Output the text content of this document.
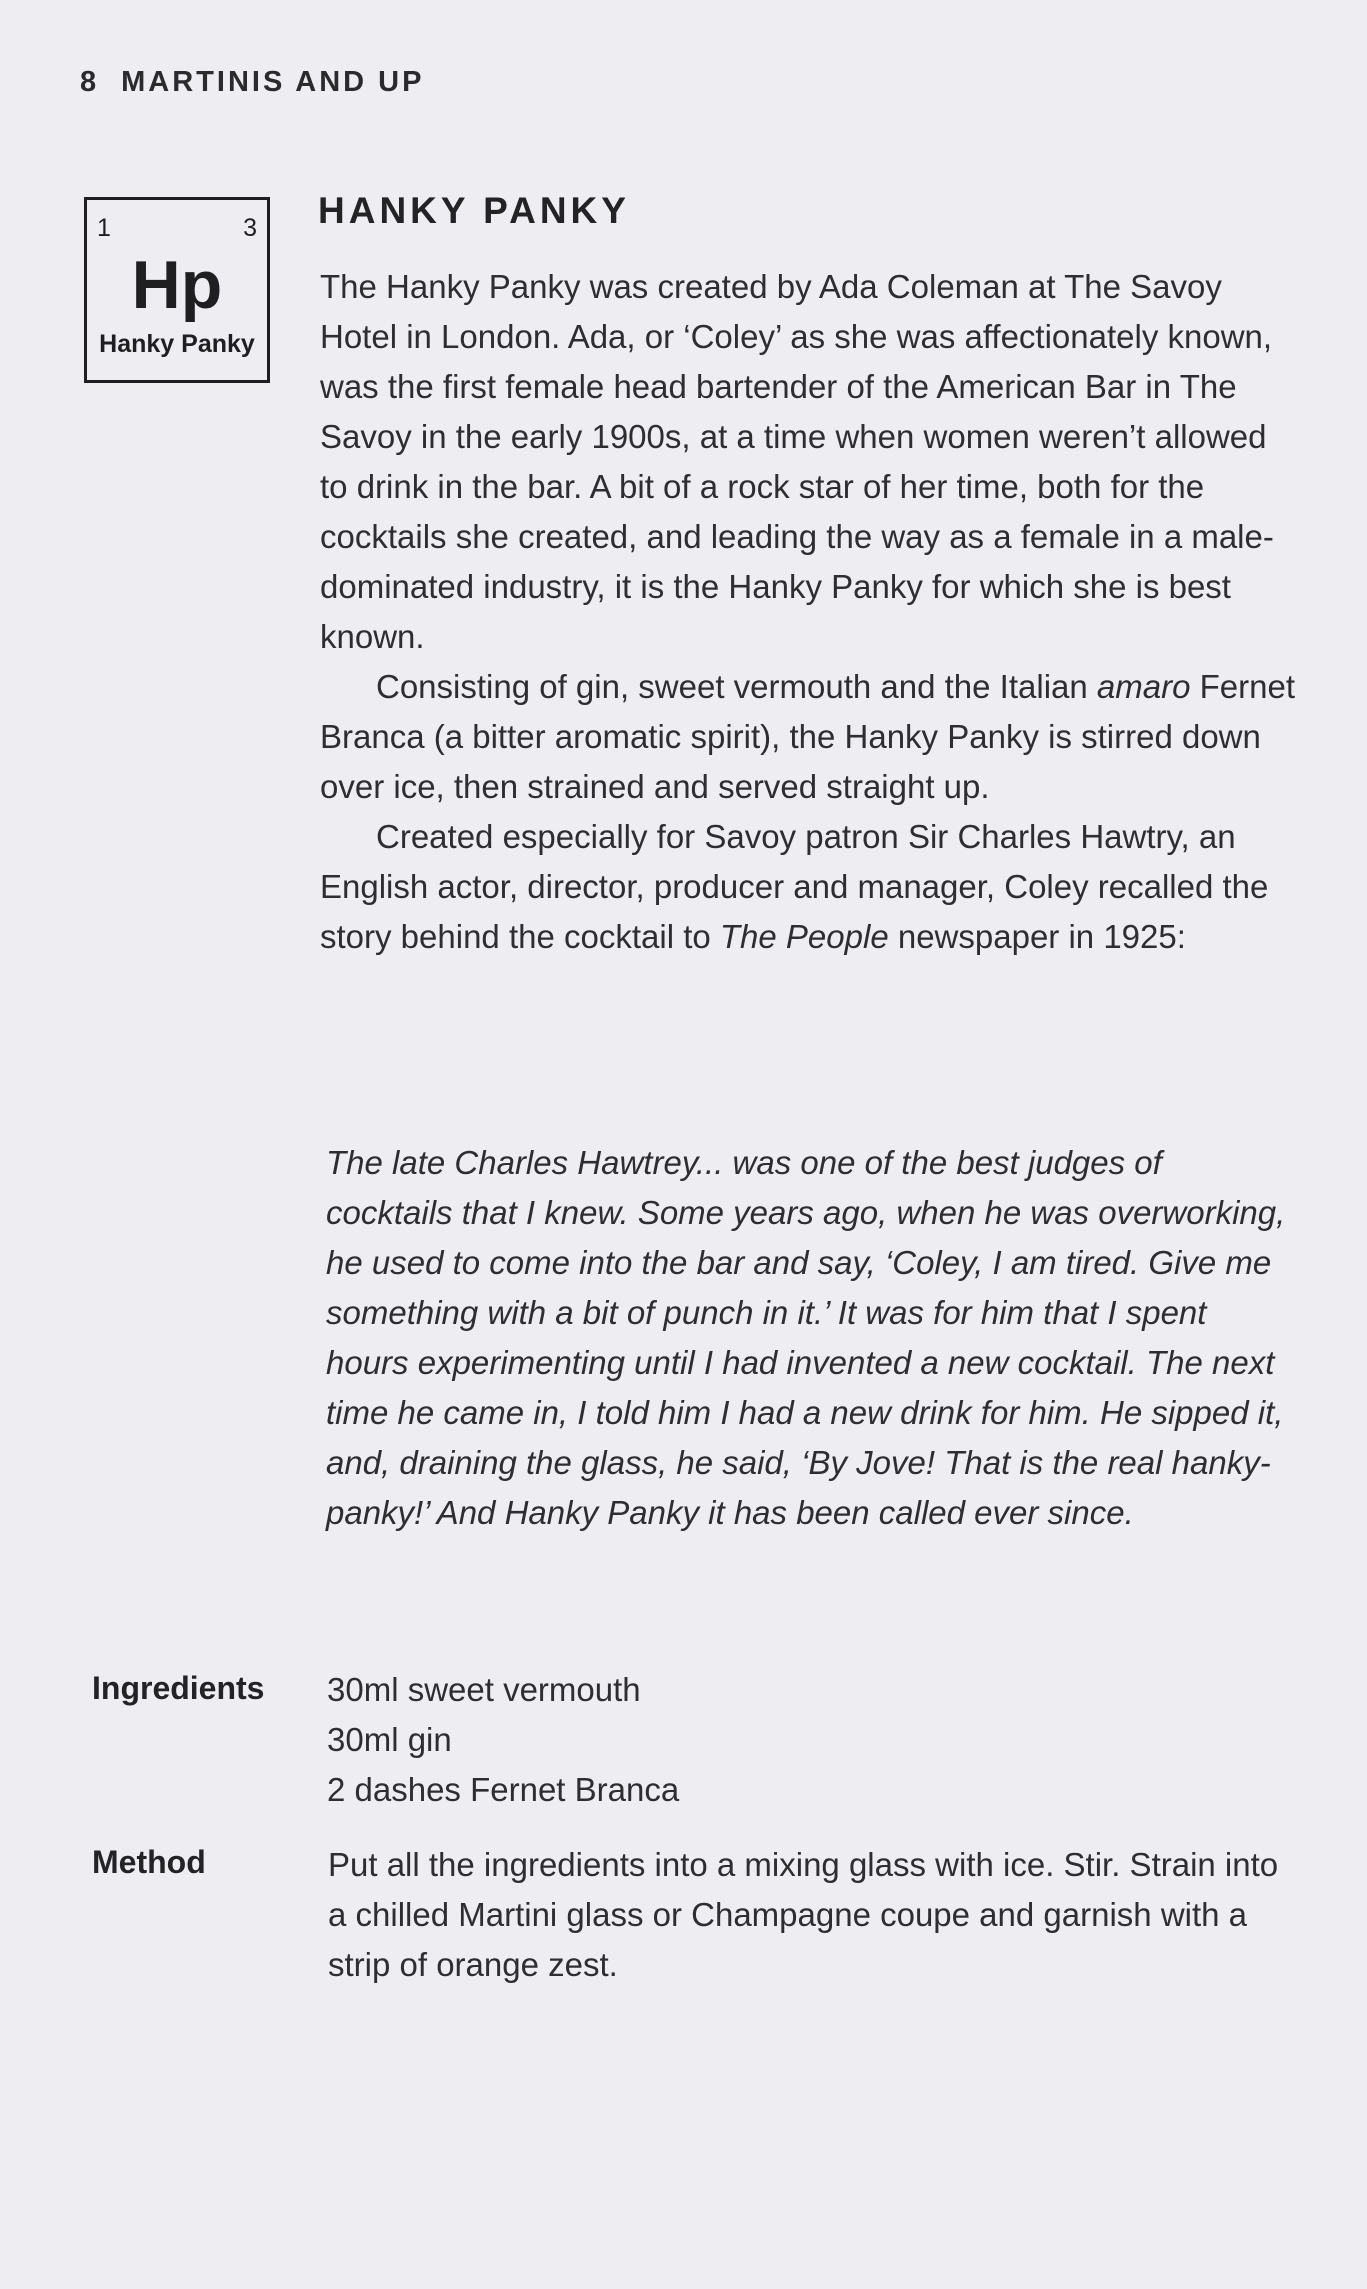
8 MARTINIS AND UP
1	3
Hp
Hanky Panky
HANKY PANKY

The Hanky Panky was created by Ada Coleman at The Savoy Hotel in London. Ada, or ‘Coley’ as she was affectionately known, was the first female head bartender of the American Bar in The Savoy in the early 1900s, at a time when women weren’t allowed to drink in the bar. A bit of a rock star of her time, both for the cocktails she created, and leading the way as a female in a male-dominated industry, it is the Hanky Panky for which she is best known.

Consisting of gin, sweet vermouth and the Italian amaro Fernet Branca (a bitter aromatic spirit), the Hanky Panky is stirred down over ice, then strained and served straight up.

Created especially for Savoy patron Sir Charles Hawtry, an English actor, director, producer and manager, Coley recalled the story behind the cocktail to The People newspaper in 1925:

The late Charles Hawtrey... was one of the best judges of cocktails that I knew. Some years ago, when he was overworking, he used to come into the bar and say, ‘Coley, I am tired. Give me something with a bit of punch in it.’ It was for him that I spent hours experimenting until I had invented a new cocktail. The next time he came in, I told him I had a new drink for him. He sipped it, and, draining the glass, he said, ‘By Jove! That is the real hanky-panky!’ And Hanky Panky it has been called ever since.

Ingredients 30ml sweet vermouth
30ml gin
2 dashes Fernet Branca
Method	Put all the ingredients into a mixing glass with ice. Stir. Strain into a chilled Martini glass or Champagne coupe and garnish with a strip of orange zest.
